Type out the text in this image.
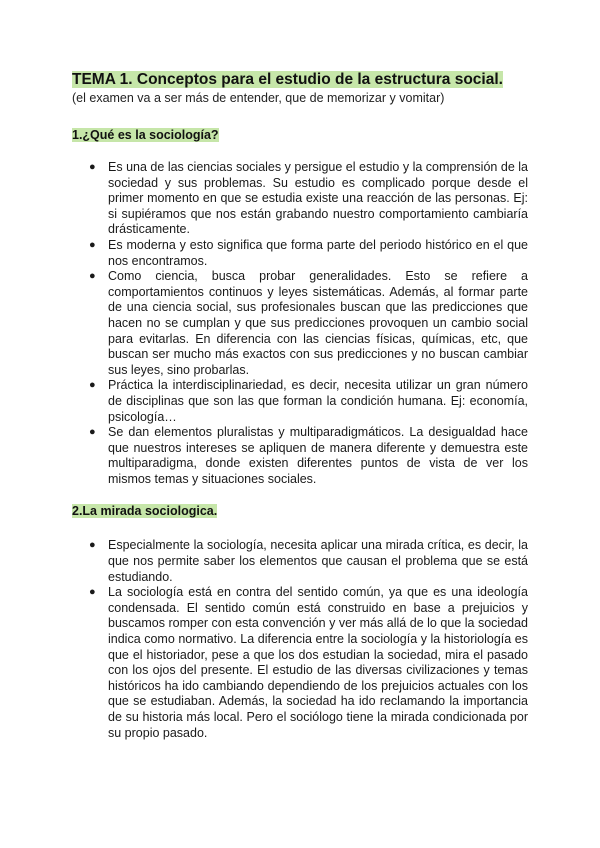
TEMA 1. Conceptos para el estudio de la estructura social.

(el examen va a ser más de entender, que de memorizar y vomitar)

1.¿Qué es la sociología?

● Es una de las ciencias sociales y persigue el estudio y la comprensión de la sociedad y sus problemas. Su estudio es complicado porque desde el primer momento en que se estudia existe una reacción de las personas. Ej: si supiéramos que nos están grabando nuestro comportamiento cambiaría drásticamente.
● Es moderna y esto significa que forma parte del periodo histórico en el que nos encontramos.
● Como ciencia, busca probar generalidades. Esto se refiere a comportamientos continuos y leyes sistemáticas. Además, al formar parte de una ciencia social, sus profesionales buscan que las predicciones que hacen no se cumplan y que sus predicciones provoquen un cambio social para evitarlas. En diferencia con las ciencias físicas, químicas, etc, que buscan ser mucho más exactos con sus predicciones y no buscan cambiar sus leyes, sino probarlas.
● Práctica la interdisciplinariedad, es decir, necesita utilizar un gran número de disciplinas que son las que forman la condición humana. Ej: economía, psicología…
● Se dan elementos pluralistas y multiparadigmáticos. La desigualdad hace que nuestros intereses se apliquen de manera diferente y demuestra este multiparadigma, donde existen diferentes puntos de vista de ver los mismos temas y situaciones sociales.

2.La mirada sociologica.

● Especialmente la sociología, necesita aplicar una mirada crítica, es decir, la que nos permite saber los elementos que causan el problema que se está estudiando.
● La sociología está en contra del sentido común, ya que es una ideología condensada. El sentido común está construido en base a prejuicios y buscamos romper con esta convención y ver más allá de lo que la sociedad indica como normativo. La diferencia entre la sociología y la historiología es que el historiador, pese a que los dos estudian la sociedad, mira el pasado con los ojos del presente. El estudio de las diversas civilizaciones y temas históricos ha ido cambiando dependiendo de los prejuicios actuales con los que se estudiaban. Además, la sociedad ha ido reclamando la importancia de su historia más local. Pero el sociólogo tiene la mirada condicionada por su propio pasado.
